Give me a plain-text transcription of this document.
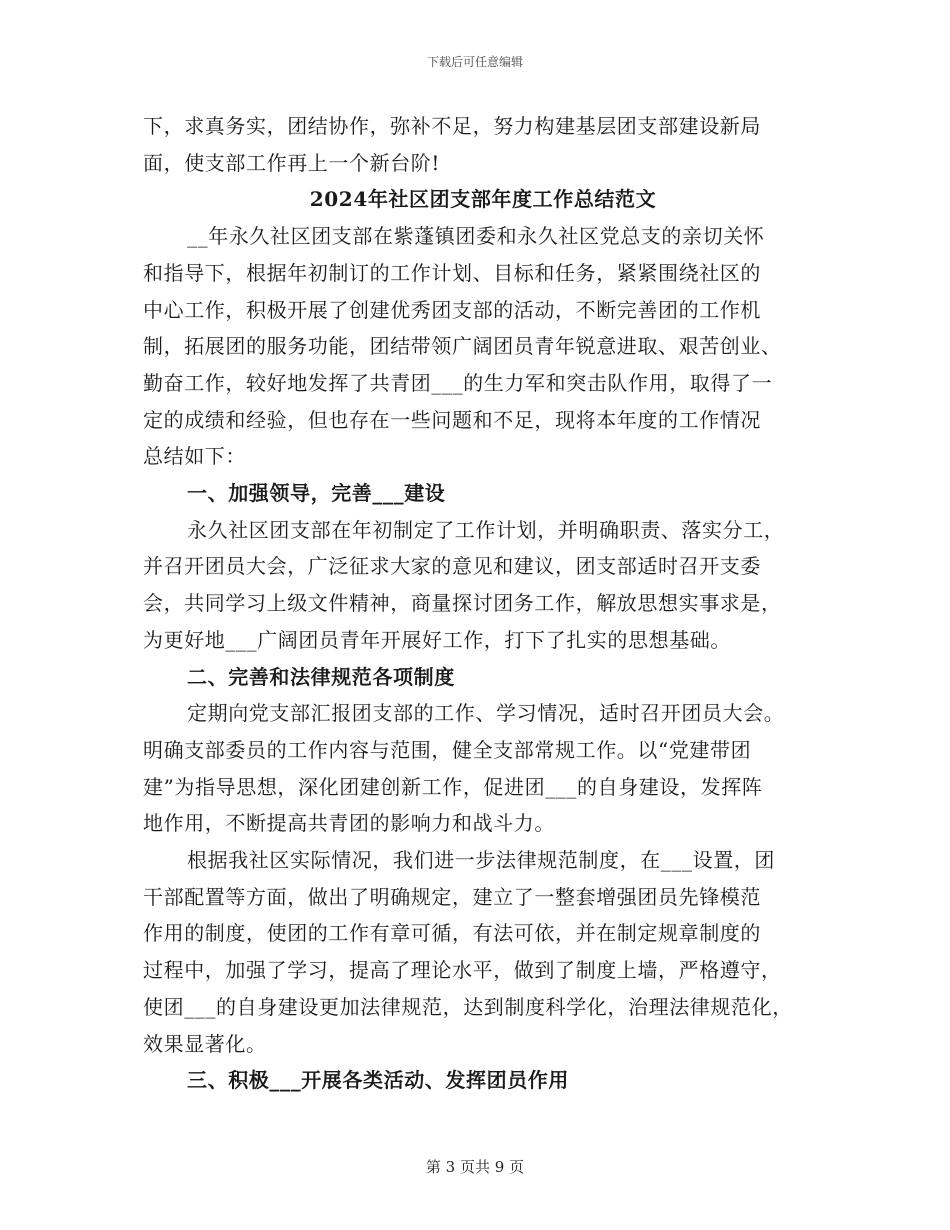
下载后可任意编辑

下，求真务实，团结协作，弥补不足，努力构建基层团支部建设新局

面，使支部工作再上一个新台阶!

2024年社区团支部年度工作总结范文

__年永久社区团支部在紫蓬镇团委和永久社区党总支的亲切关怀

和指导下，根据年初制订的工作计划、目标和任务，紧紧围绕社区的

中心工作，积极开展了创建优秀团支部的活动，不断完善团的工作机

制，拓展团的服务功能，团结带领广阔团员青年锐意进取、艰苦创业、

勤奋工作，较好地发挥了共青团___的生力军和突击队作用，取得了一

定的成绩和经验，但也存在一些问题和不足，现将本年度的工作情况

总结如下：

一、加强领导，完善___建设

永久社区团支部在年初制定了工作计划，并明确职责、落实分工，

并召开团员大会，广泛征求大家的意见和建议，团支部适时召开支委

会，共同学习上级文件精神，商量探讨团务工作，解放思想实事求是，

为更好地___广阔团员青年开展好工作，打下了扎实的思想基础。

二、完善和法律规范各项制度

定期向党支部汇报团支部的工作、学习情况，适时召开团员大会。

明确支部委员的工作内容与范围，健全支部常规工作。以“党建带团

建”为指导思想，深化团建创新工作，促进团___的自身建设，发挥阵

地作用，不断提高共青团的影响力和战斗力。

根据我社区实际情况，我们进一步法律规范制度，在___设置，团

干部配置等方面，做出了明确规定，建立了一整套增强团员先锋模范

作用的制度，使团的工作有章可循，有法可依，并在制定规章制度的

过程中，加强了学习，提高了理论水平，做到了制度上墙，严格遵守，

使团___的自身建设更加法律规范，达到制度科学化，治理法律规范化，

效果显著化。

三、积极___开展各类活动、发挥团员作用

第 3 页共 9 页
